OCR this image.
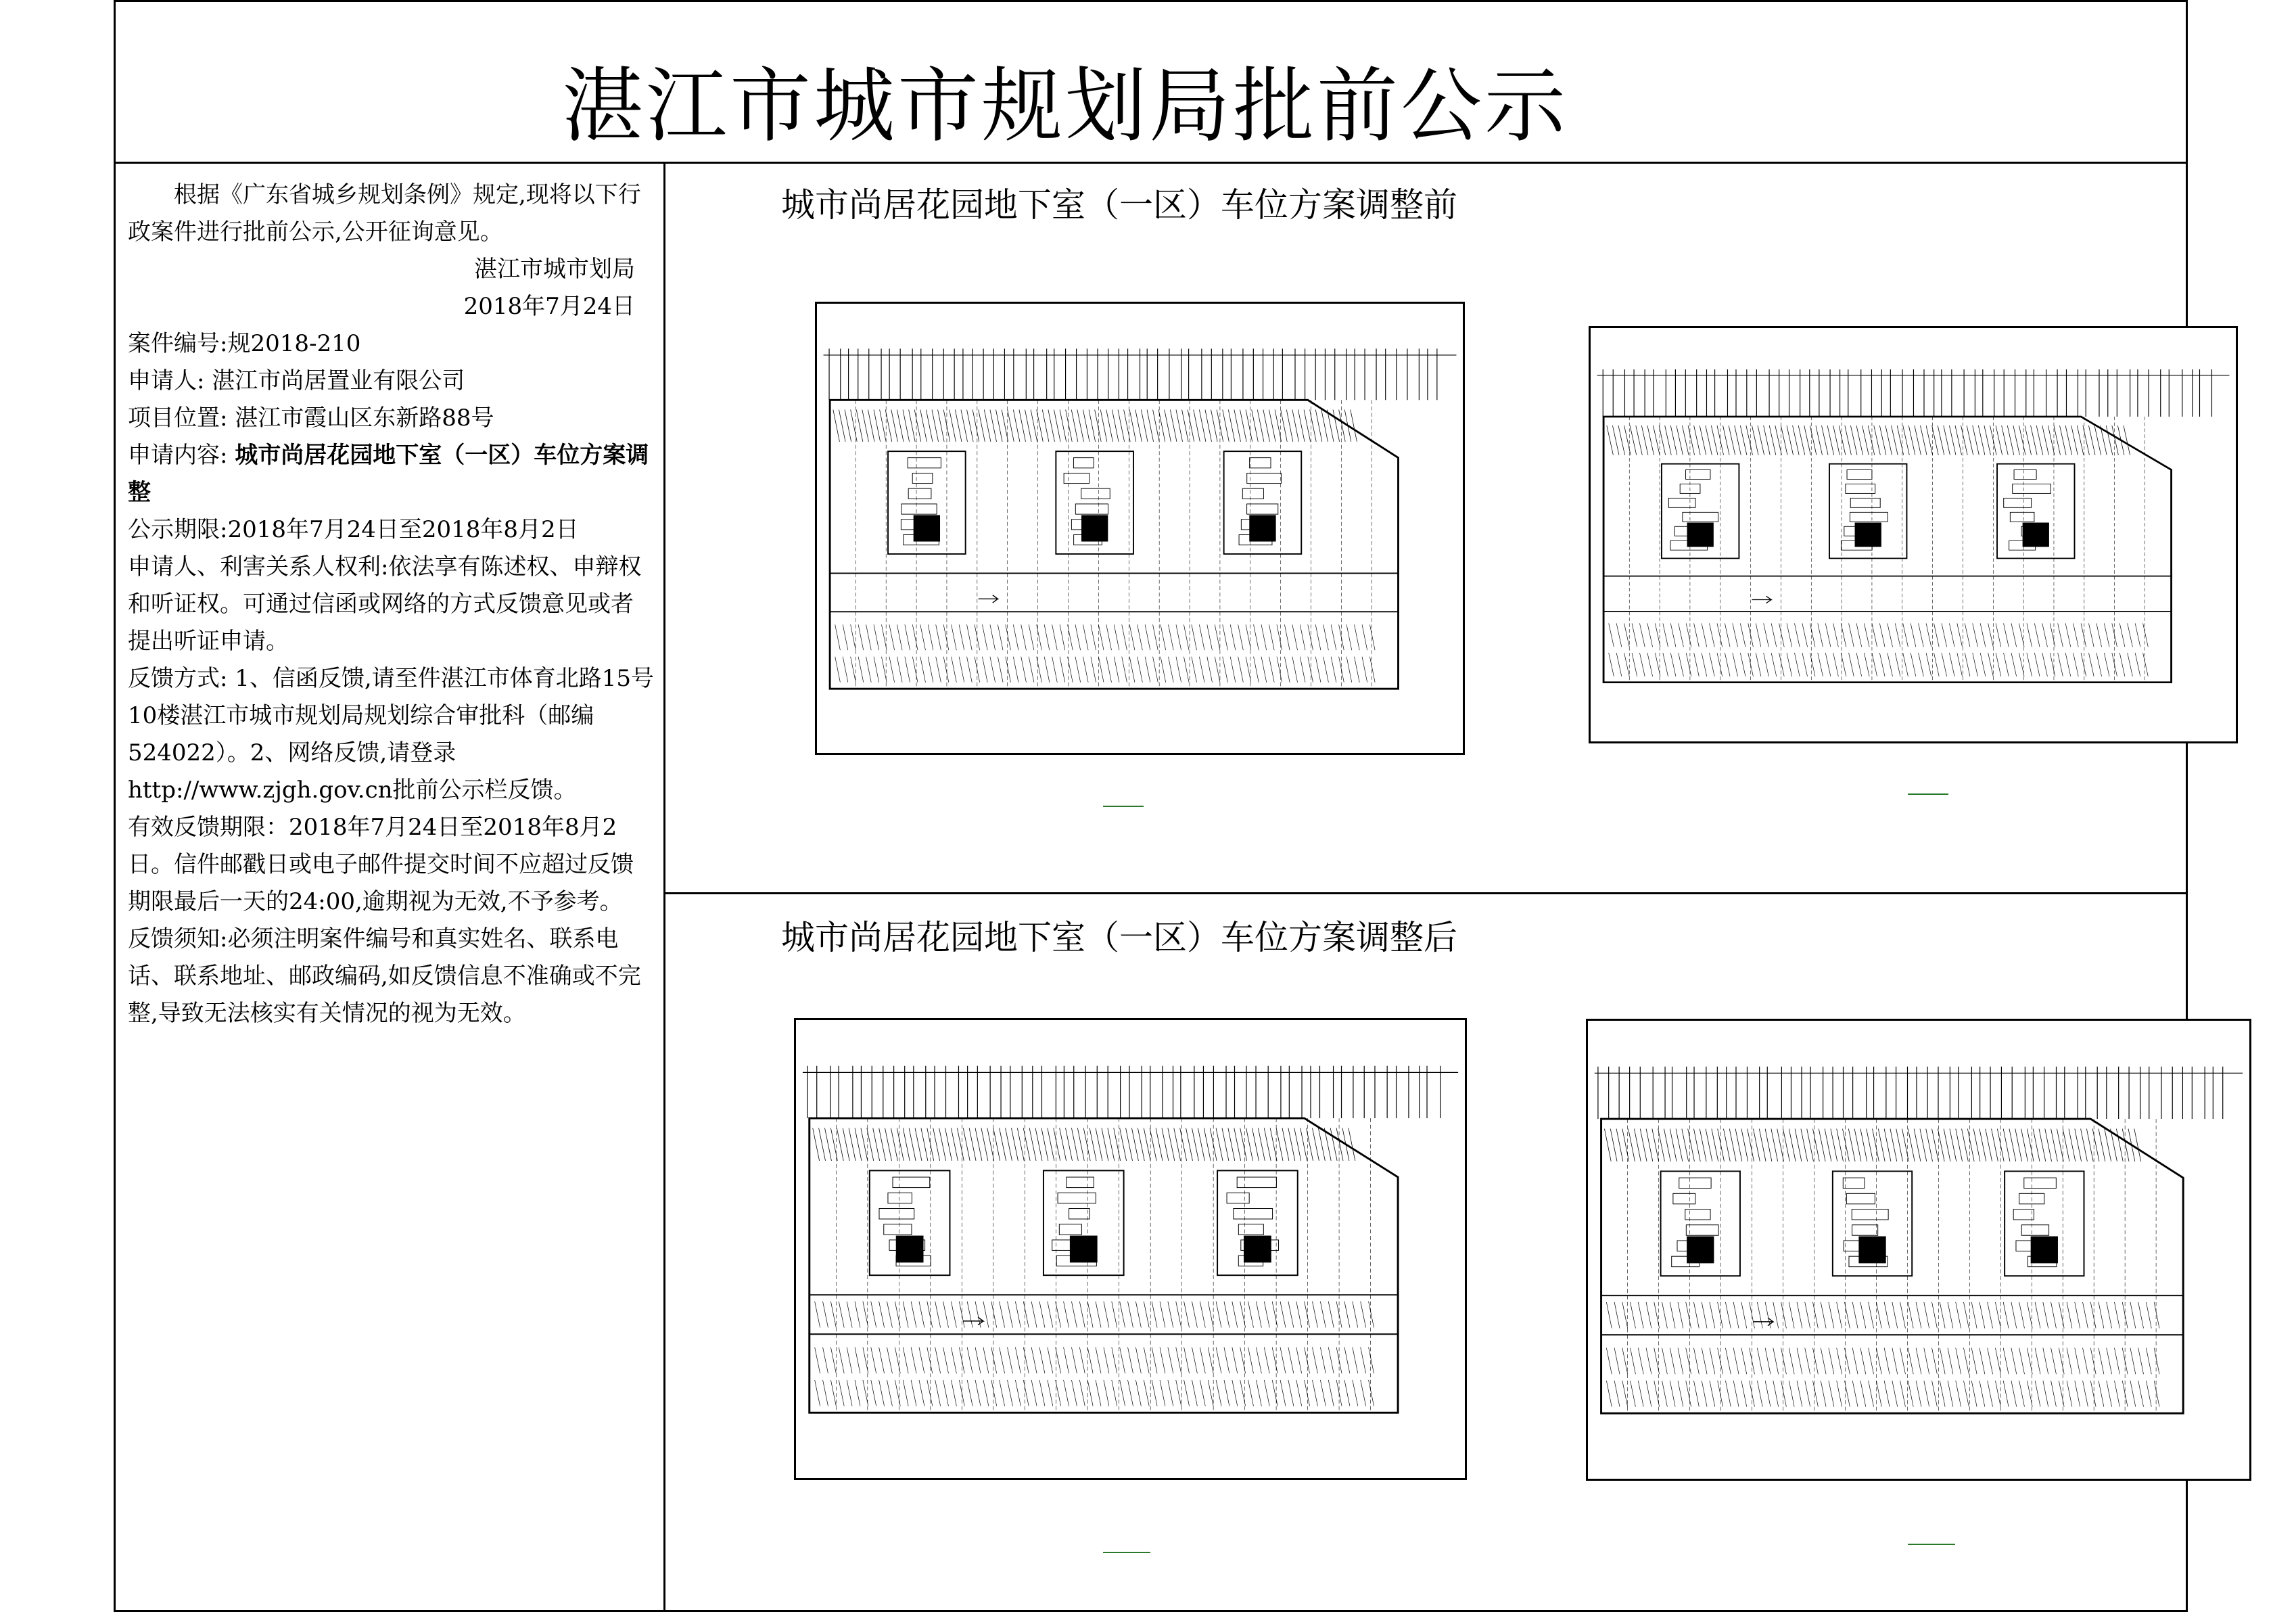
湛江市城市规划局批前公示

根据《广东省城乡规划条例》规定,现将以下行政案件进行批前公示,公开征询意见。

湛江市城市划局

2018年7月24日

案件编号:规2018-210

申请人: 湛江市尚居置业有限公司

项目位置: 湛江市霞山区东新路88号

申请内容: 城市尚居花园地下室（一区）车位方案调整

公示期限:2018年7月24日至2018年8月2日

申请人、利害关系人权利:依法享有陈述权、申辩权和听证权。可通过信函或网络的方式反馈意见或者提出听证申请。

反馈方式: 1、信函反馈,请至件湛江市体育北路15号10楼湛江市城市规划局规划综合审批科（邮编524022）。2、网络反馈,请登录http://www.zjgh.gov.cn批前公示栏反馈。

有效反馈期限：2018年7月24日至2018年8月2日。信件邮戳日或电子邮件提交时间不应超过反馈期限最后一天的24:00,逾期视为无效,不予参考。

反馈须知:必须注明案件编号和真实姓名、联系电话、联系地址、邮政编码,如反馈信息不准确或不完整,导致无法核实有关情况的视为无效。

城市尚居花园地下室（一区）车位方案调整前
城市尚居花园地下室（一区）车位方案调整后
